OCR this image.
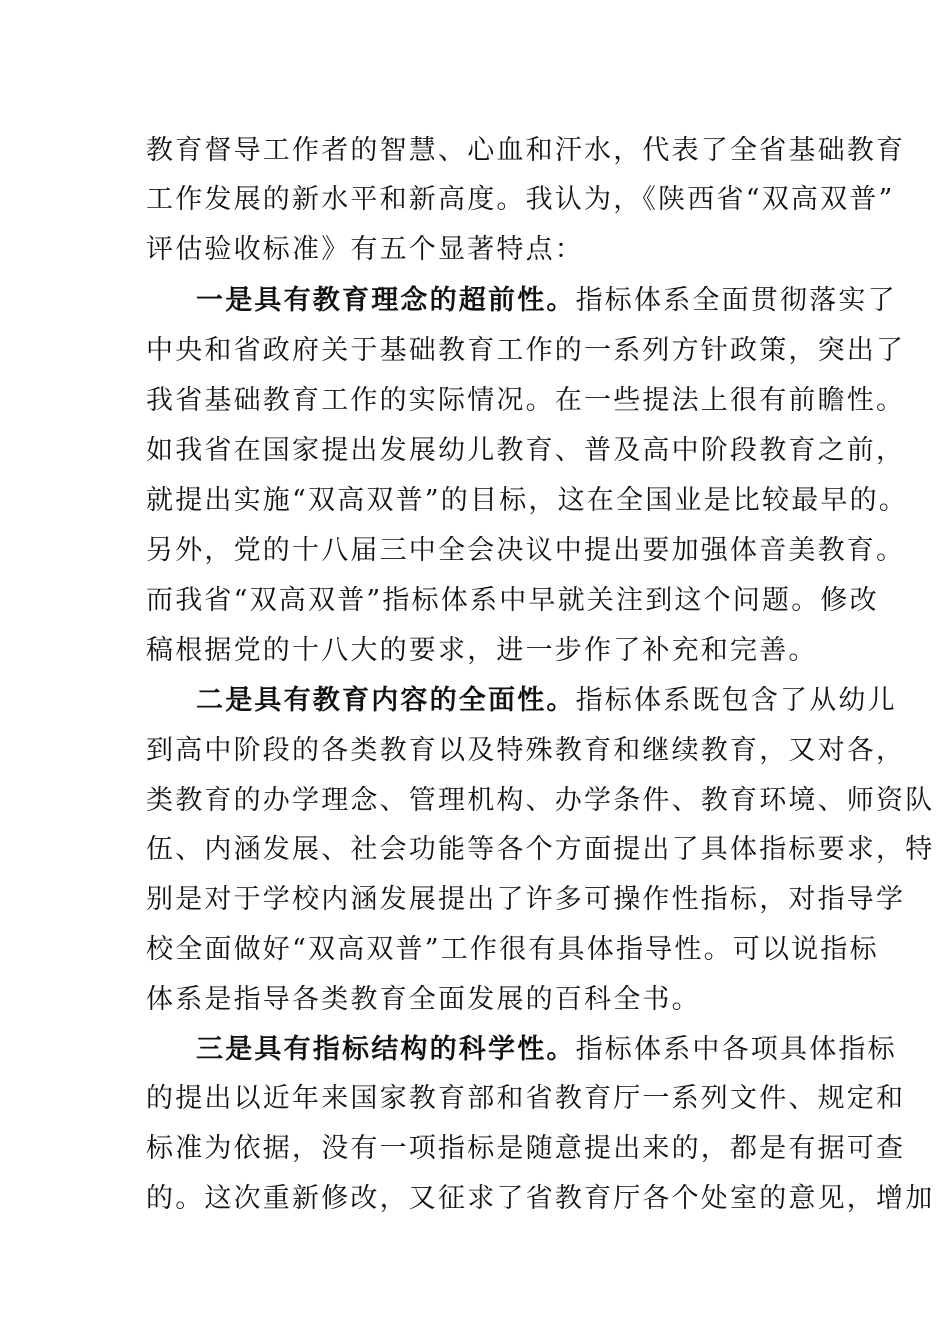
教育督导工作者的智慧、心血和汗水，代表了全省基础教育
工作发展的新水平和新高度。我认为，《陕西省“双高双普”
评估验收标准》有五个显著特点：
一是具有教育理念的超前性。指标体系全面贯彻落实了
中央和省政府关于基础教育工作的一系列方针政策，突出了
我省基础教育工作的实际情况。在一些提法上很有前瞻性。
如我省在国家提出发展幼儿教育、普及高中阶段教育之前，
就提出实施“双高双普”的目标，这在全国业是比较最早的。
另外，党的十八届三中全会决议中提出要加强体音美教育。
而我省“双高双普”指标体系中早就关注到这个问题。修改
稿根据党的十八大的要求，进一步作了补充和完善。
二是具有教育内容的全面性。指标体系既包含了从幼儿
到高中阶段的各类教育以及特殊教育和继续教育，又对各，
类教育的办学理念、管理机构、办学条件、教育环境、师资队
伍、内涵发展、社会功能等各个方面提出了具体指标要求，特
别是对于学校内涵发展提出了许多可操作性指标，对指导学
校全面做好“双高双普”工作很有具体指导性。可以说指标
体系是指导各类教育全面发展的百科全书。
三是具有指标结构的科学性。指标体系中各项具体指标
的提出以近年来国家教育部和省教育厅一系列文件、规定和
标准为依据，没有一项指标是随意提出来的，都是有据可查
的。这次重新修改，又征求了省教育厅各个处室的意见，增加
